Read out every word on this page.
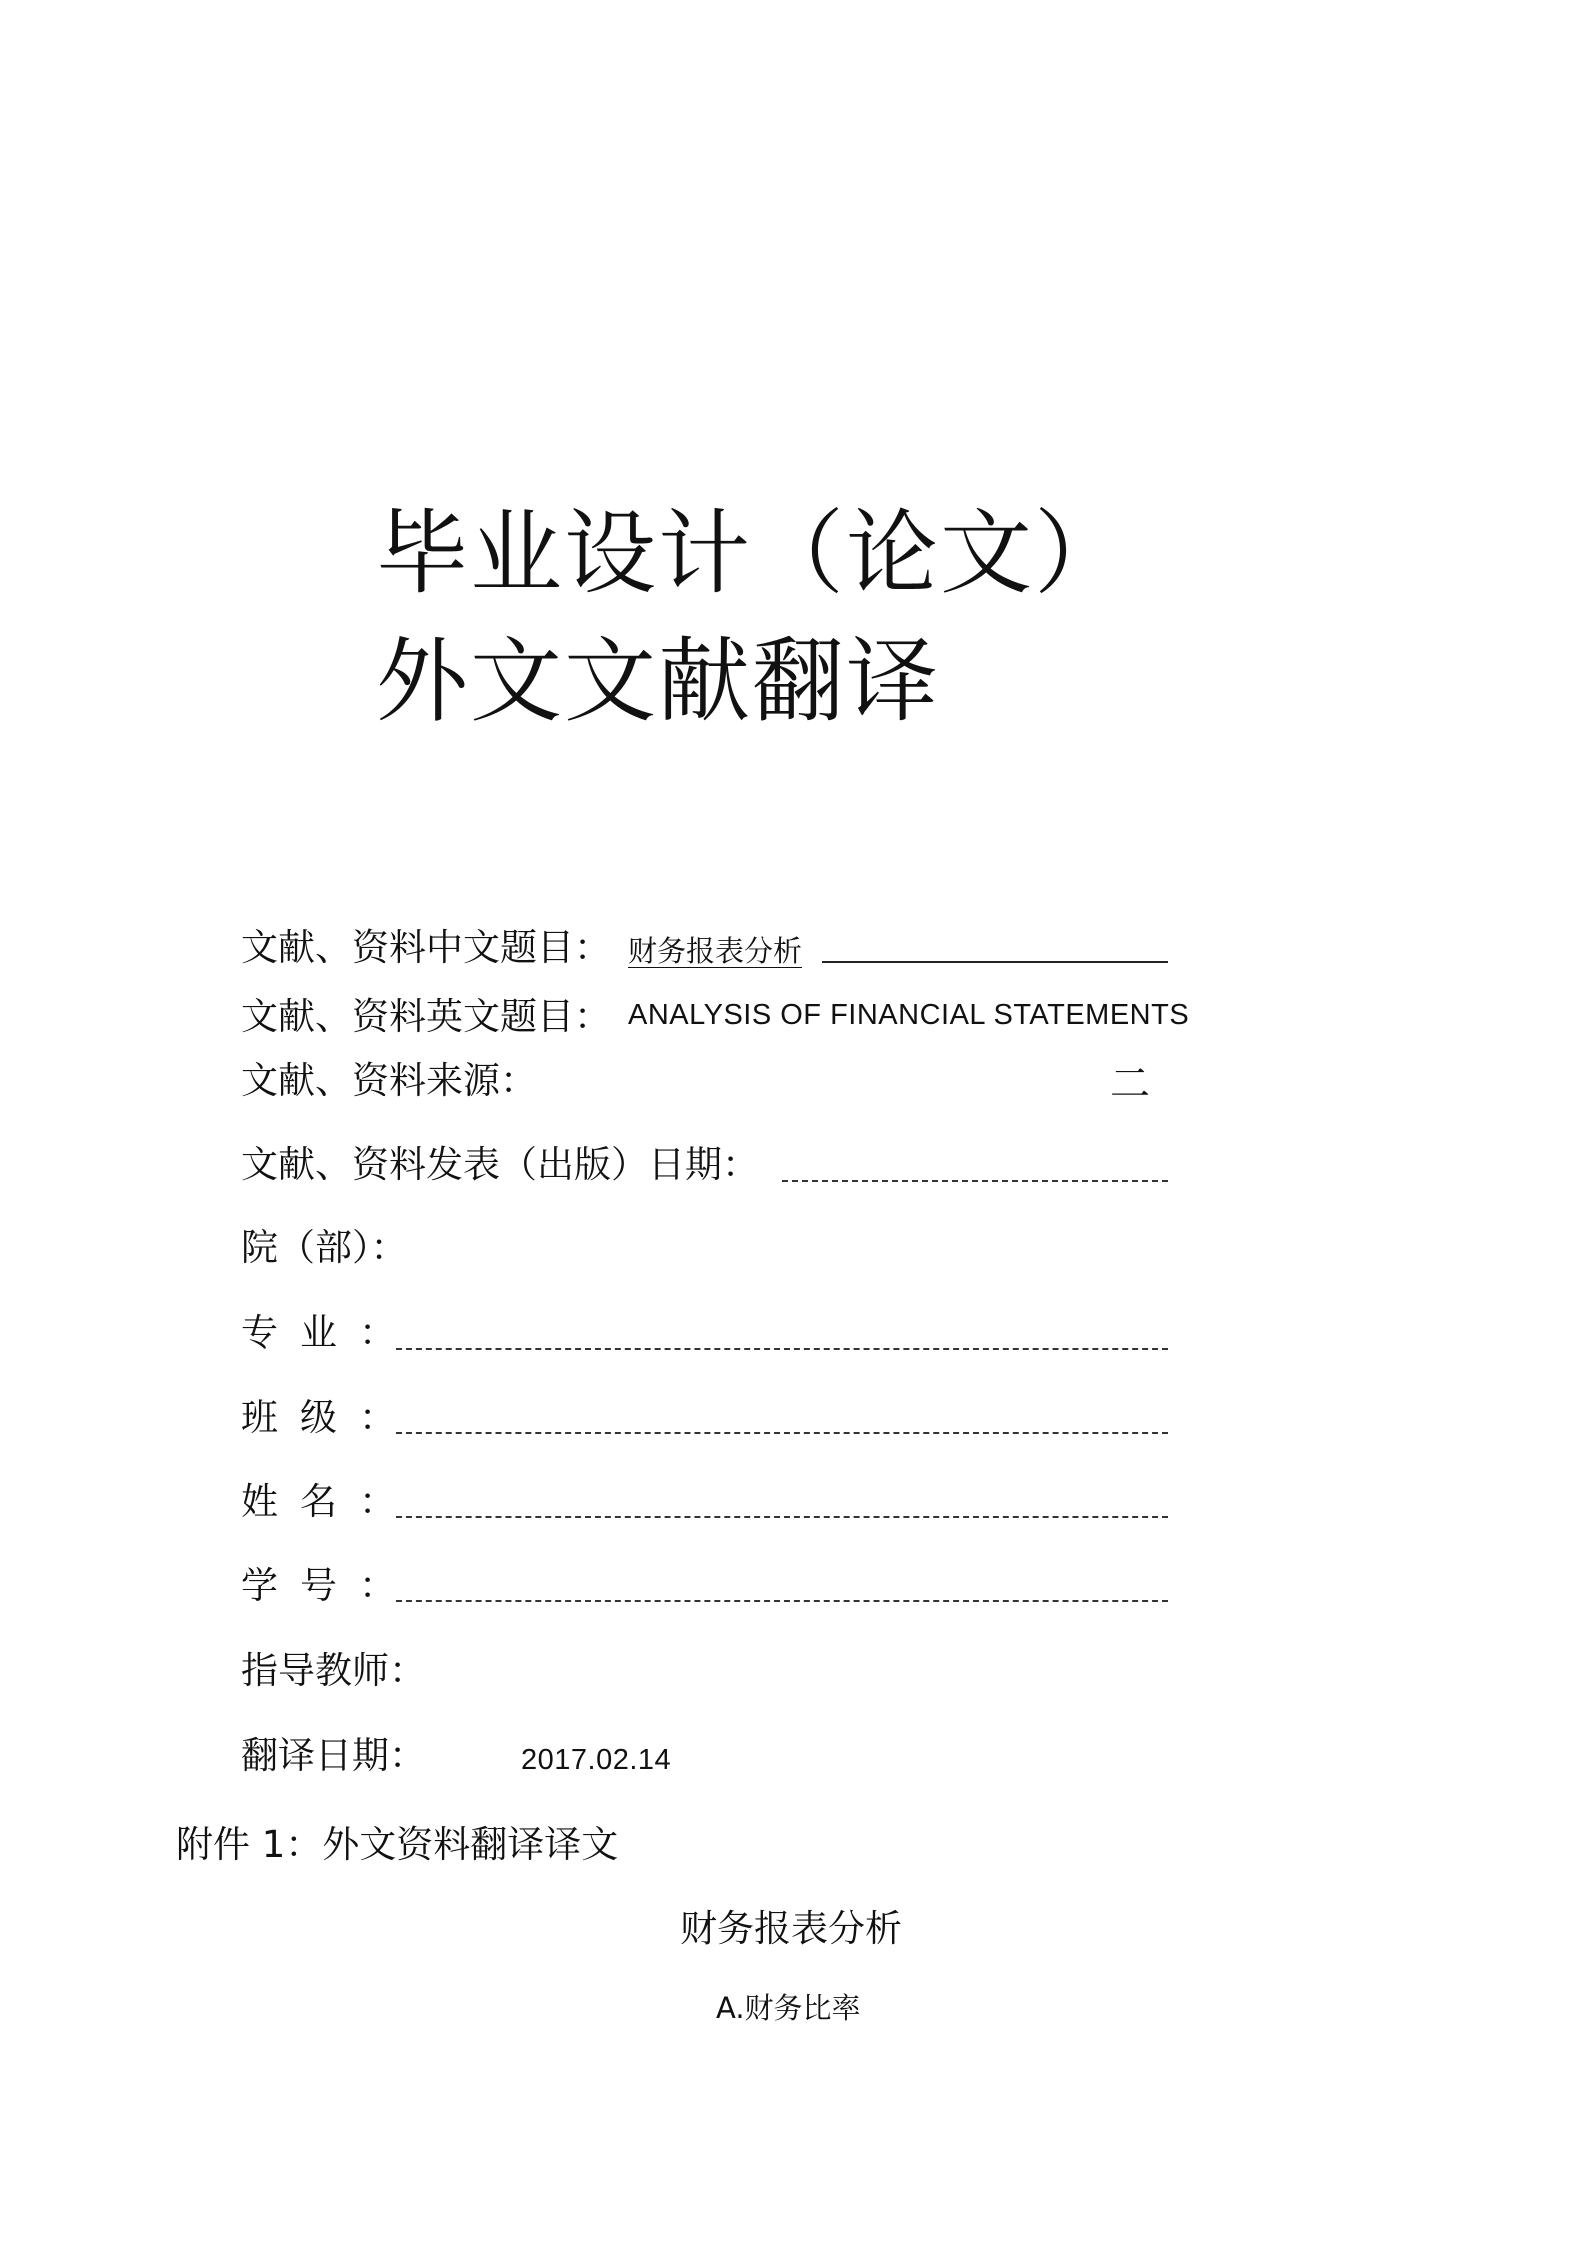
毕业设计（论文）
外文文献翻译
文献、资料中文题目： 财务报表分析
文献、资料英文题目： ANALYSIS OF FINANCIAL STATEMENTS
文献、资料来源：	二
文献、资料发表（出版）日期：
院（部）：
专业：
班级：
姓名：
学号：
指导教师：
翻译日期：	2017.02.14
附件 1：外文资料翻译译文
财务报表分析
A.财务比率
